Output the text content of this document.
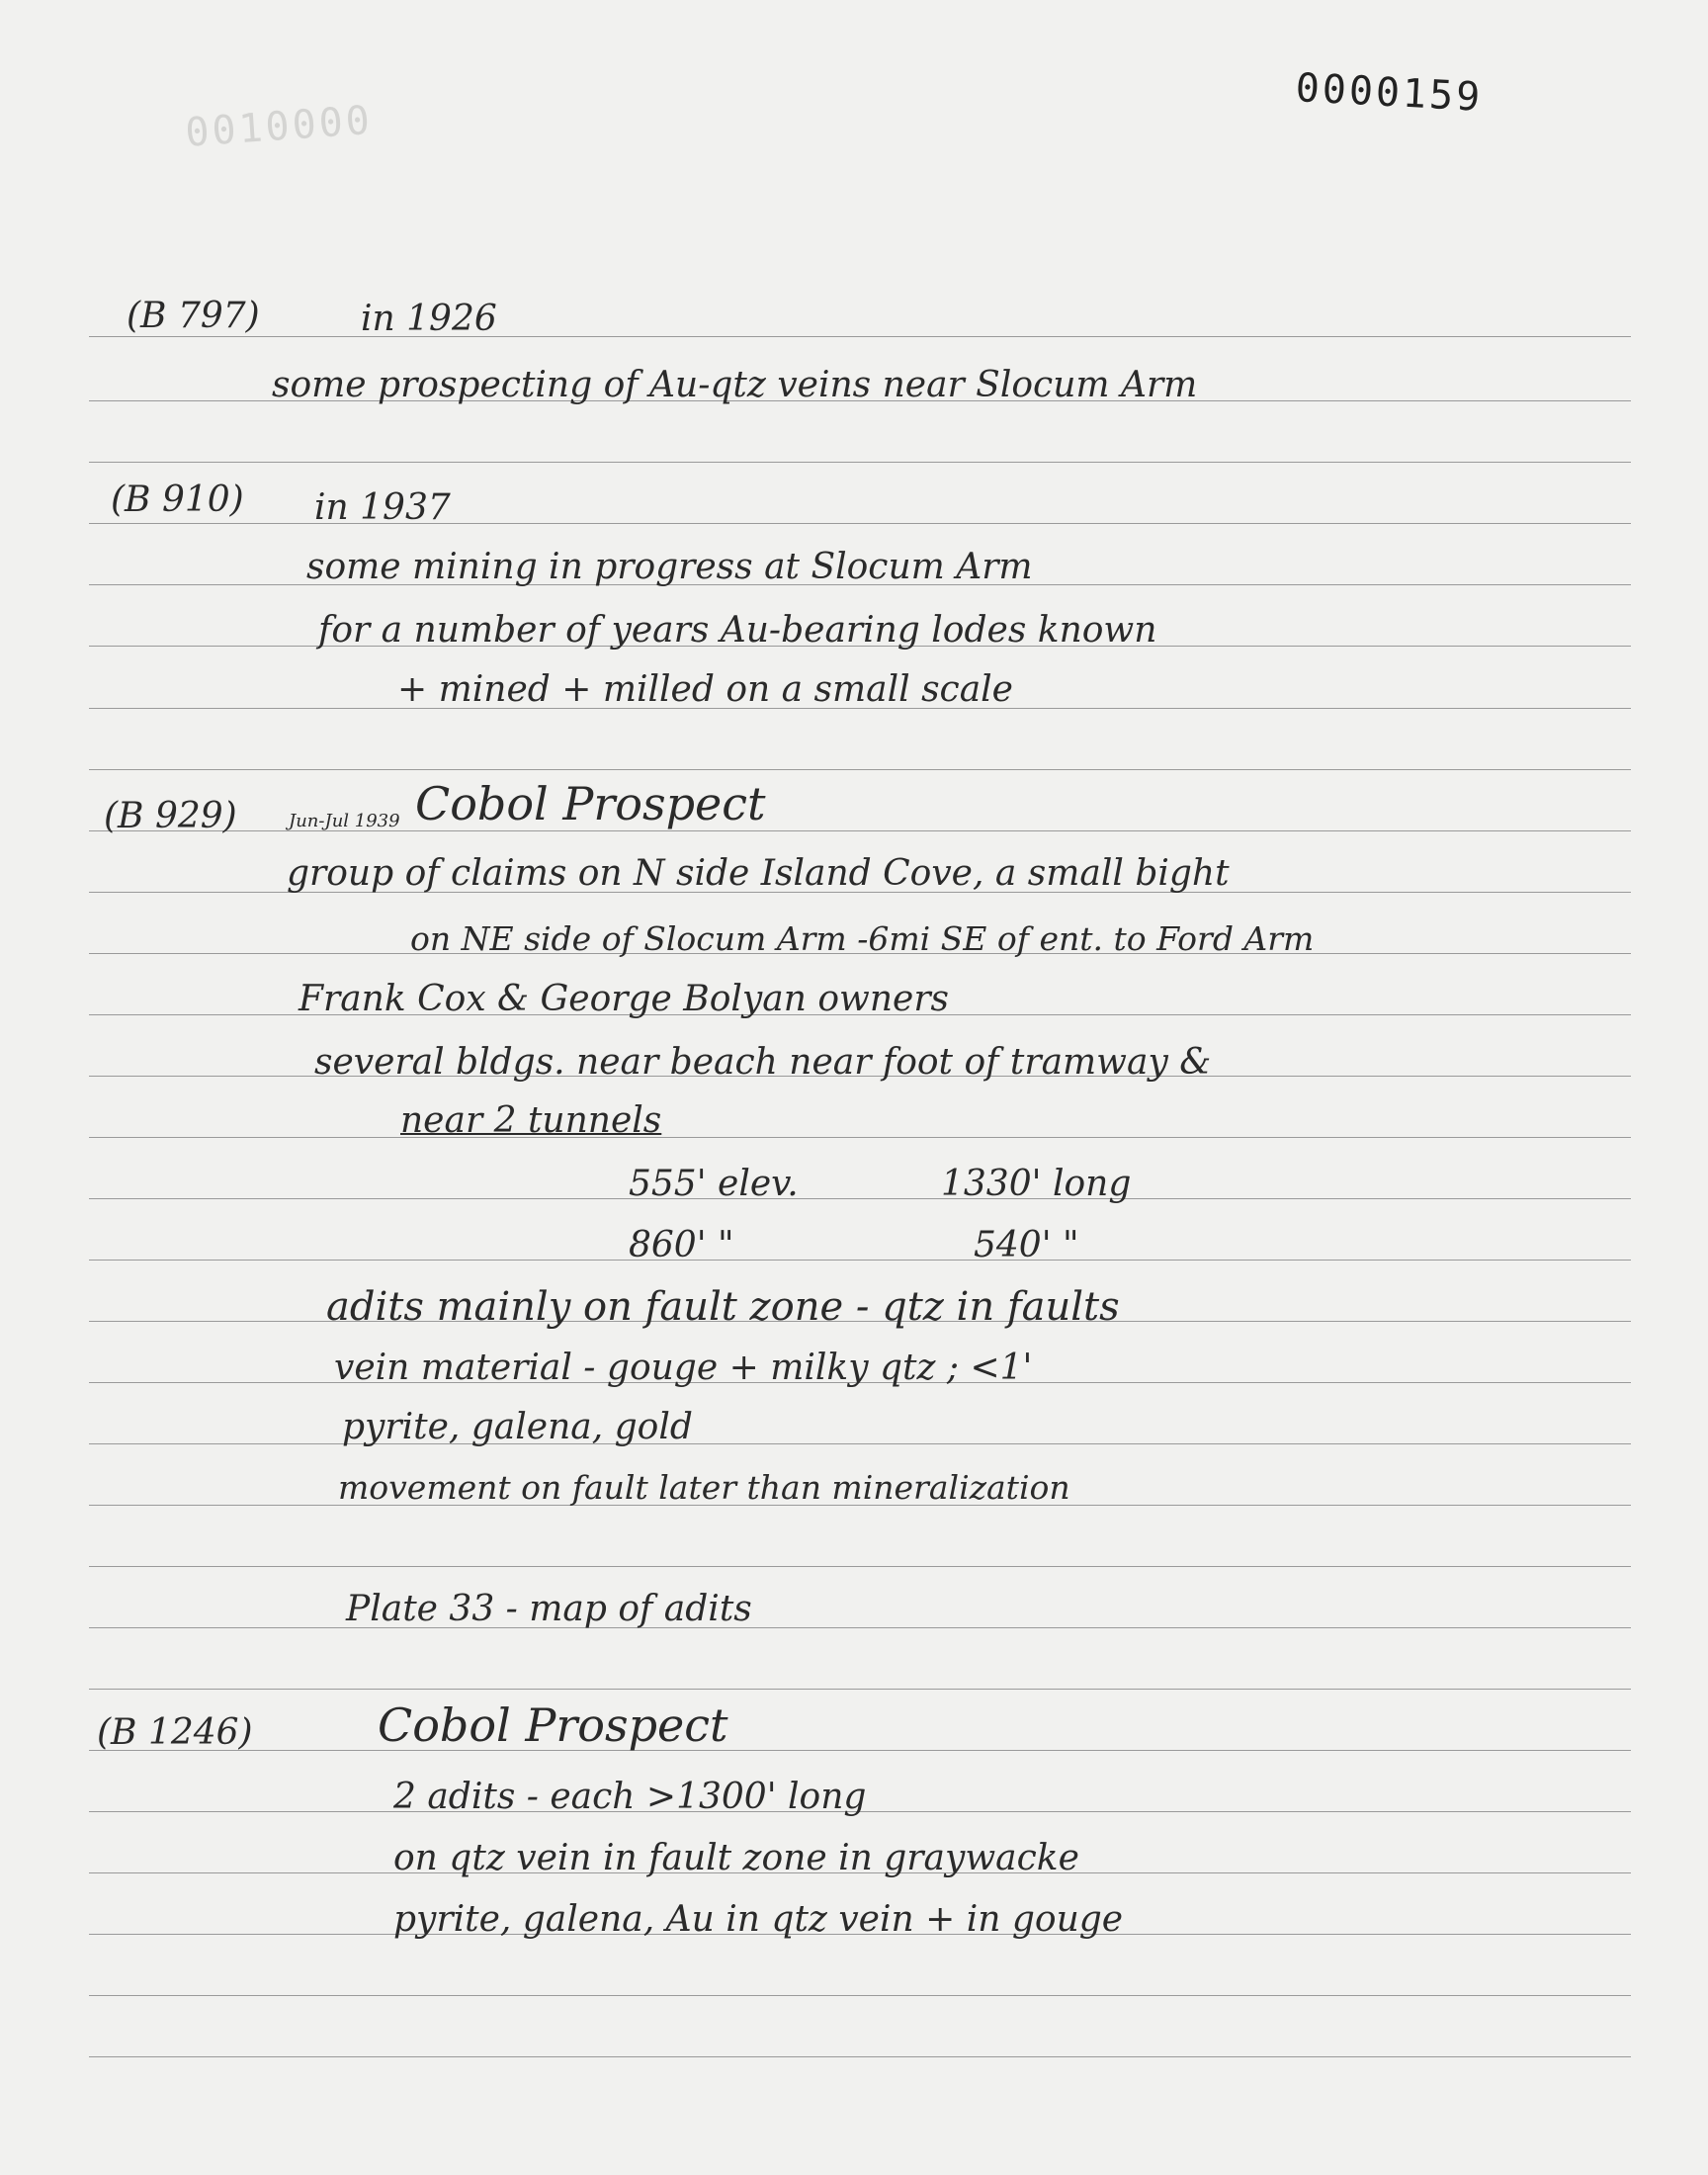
0000159
0010000
(B 797)	in 1926
some prospecting of Au-qtz veins near Slocum Arm
(B 910) in 1937
some mining in progress at Slocum Arm
for a number of years Au-bearing lodes known
+ mined + milled on a small scale
(B 929)	Jun-Jul 1939 Cobol Prospect
group of claims on N side Island Cove, a small bight
on NE side of Slocum Arm -6mi SE of ent. to Ford Arm
Frank Cox & George Bolyan owners
several bldgs. near beach near foot of tramway &
near 2 tunnels
555' elev.	1330' long
860' "	540' "
adits mainly on fault zone - qtz in faults
vein material - gouge + milky qtz ; <1'
pyrite, galena, gold
movement on fault later than mineralization
Plate 33 - map of adits
(B 1246)	Cobol Prospect
2 adits - each >1300' long
on qtz vein in fault zone in graywacke
pyrite, galena, Au in qtz vein + in gouge
